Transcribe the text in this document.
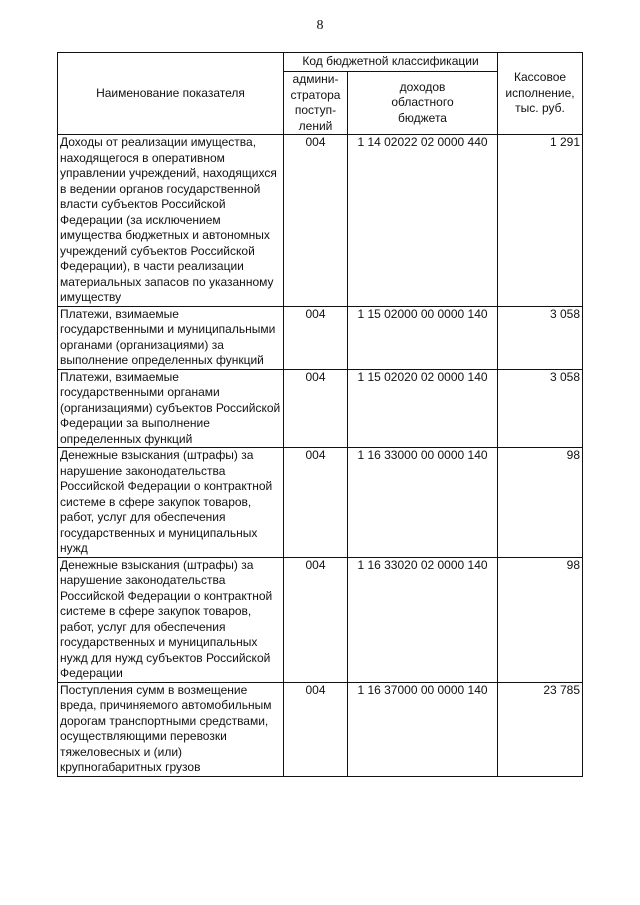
8
Наименование показателя	Код бюджетной классификации		Кассовое
исполнение,
тыс. руб.
	админи-
стратора
поступ-
лений	доходов
областного
бюджета	
Доходы от реализации имущества, находящегося в оперативном управлении учреждений, находящихся в ведении органов государственной власти субъектов Российской Федерации (за исключением имущества бюджетных и автономных учреждений субъектов Российской Федерации), в части реализации материальных запасов по указанному имуществу	004	1 14 02022 02 0000 440	1 291
Платежи, взимаемые государственными и муниципальными органами (организациями) за выполнение определенных функций	004	1 15 02000 00 0000 140	3 058
Платежи, взимаемые государственными органами (организациями) субъектов Российской Федерации за выполнение определенных функций	004	1 15 02020 02 0000 140	3 058
Денежные взыскания (штрафы) за нарушение законодательства Российской Федерации о контрактной системе в сфере закупок товаров, работ, услуг для обеспечения государственных и муниципальных нужд	004	1 16 33000 00 0000 140	98
Денежные взыскания (штрафы) за нарушение законодательства Российской Федерации о контрактной системе в сфере закупок товаров, работ, услуг для обеспечения государственных и муниципальных нужд для нужд субъектов Российской Федерации	004	1 16 33020 02 0000 140	98
Поступления сумм в возмещение вреда, причиняемого автомобильным дорогам транспортными средствами, осуществляющими перевозки тяжеловесных и (или) крупногабаритных грузов	004	1 16 37000 00 0000 140	23 785
